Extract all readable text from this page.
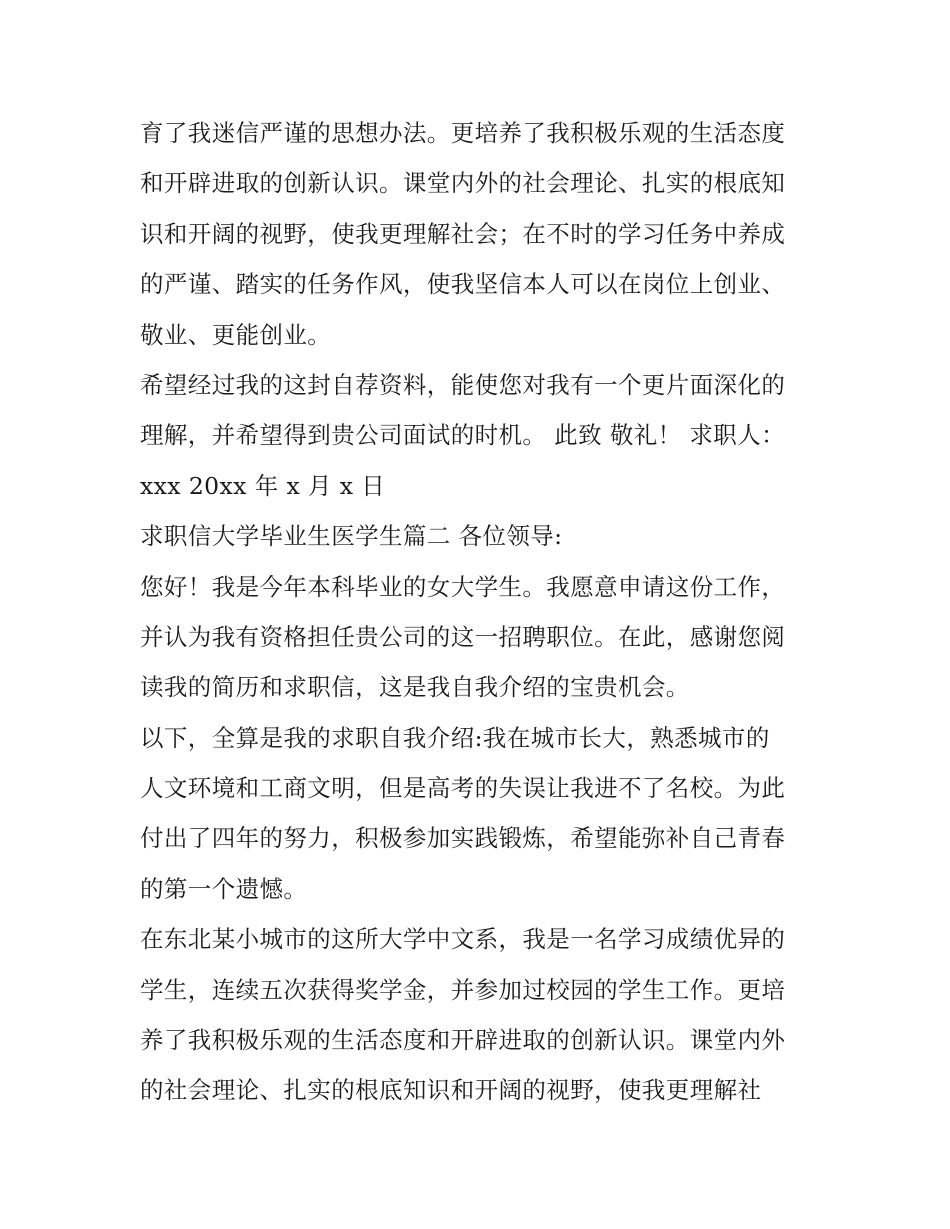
育了我迷信严谨的思想办法。更培养了我积极乐观的生活态度
和开辟进取的创新认识。课堂内外的社会理论、扎实的根底知
识和开阔的视野，使我更理解社会；在不时的学习任务中养成
的严谨、踏实的任务作风，使我坚信本人可以在岗位上创业、
敬业、更能创业。

希望经过我的这封自荐资料，能使您对我有一个更片面深化的
理解，并希望得到贵公司面试的时机。 此致 敬礼！ 求职人：
xxx 20xx 年 x 月 x 日

求职信大学毕业生医学生篇二 各位领导:

您好！我是今年本科毕业的女大学生。我愿意申请这份工作，
并认为我有资格担任贵公司的这一招聘职位。在此，感谢您阅
读我的简历和求职信，这是我自我介绍的宝贵机会。

以下，全算是我的求职自我介绍:我在城市长大，熟悉城市的
人文环境和工商文明，但是高考的失误让我进不了名校。为此
付出了四年的努力，积极参加实践锻炼，希望能弥补自己青春
的第一个遗憾。

在东北某小城市的这所大学中文系，我是一名学习成绩优异的
学生，连续五次获得奖学金，并参加过校园的学生工作。更培
养了我积极乐观的生活态度和开辟进取的创新认识。课堂内外
的社会理论、扎实的根底知识和开阔的视野，使我更理解社
